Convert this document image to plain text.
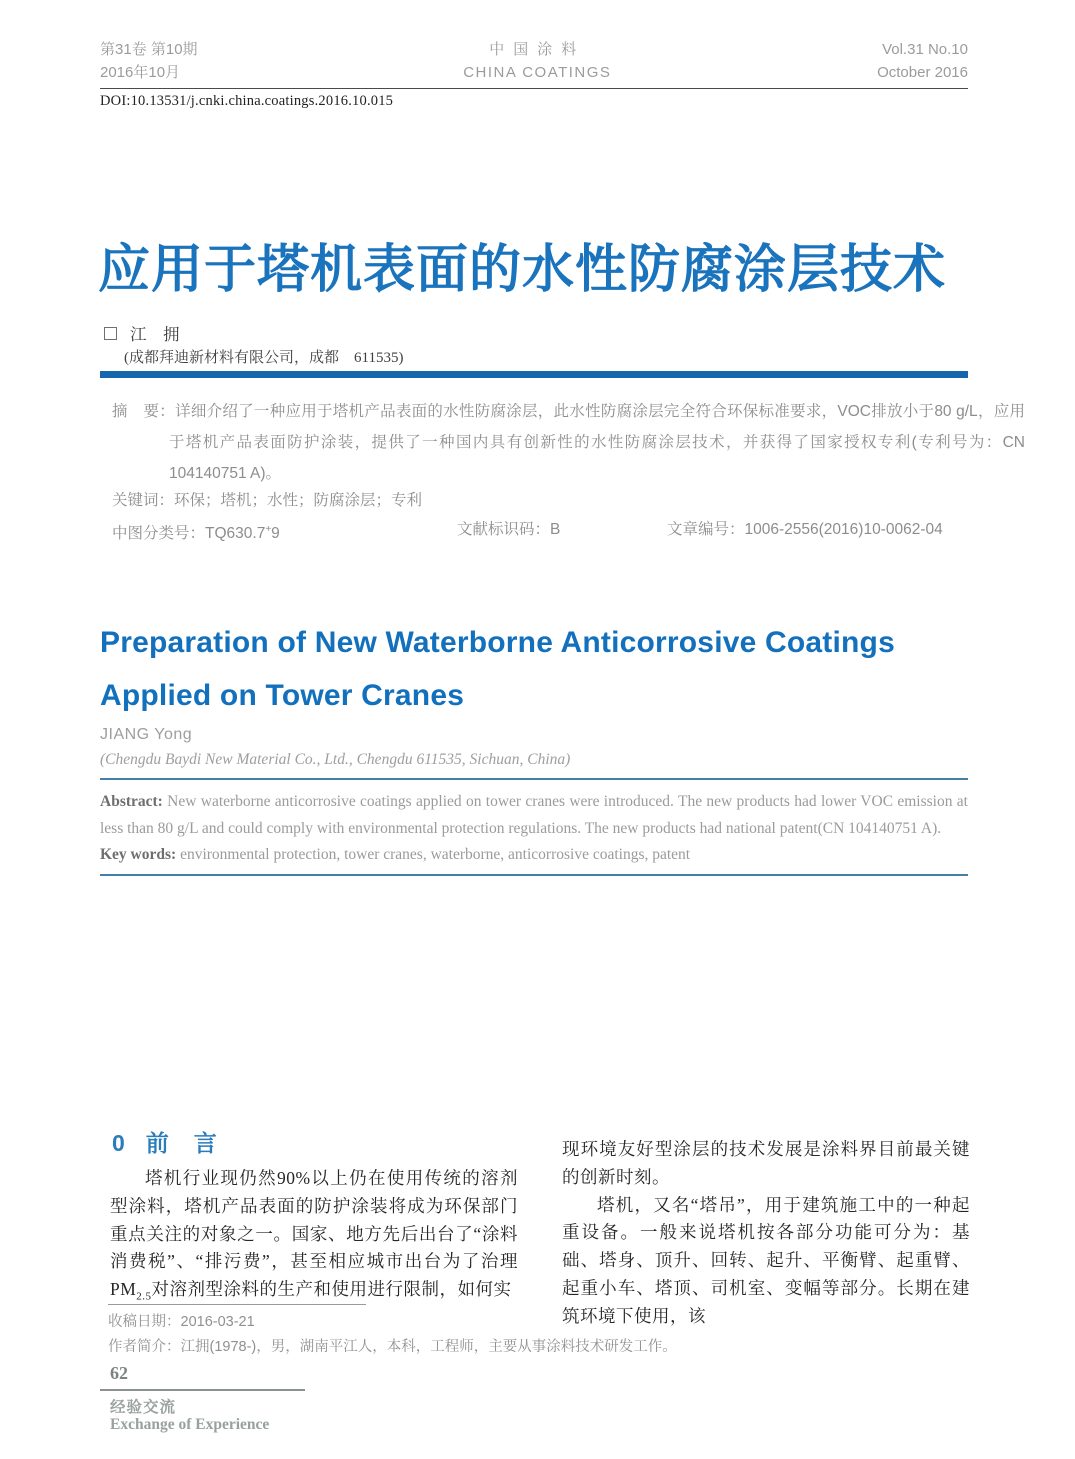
第31卷 第10期
2016年10月
中国涂料
CHINA COATINGS
Vol.31 No.10
October 2016
DOI:10.13531/j.cnki.china.coatings.2016.10.015
应用于塔机表面的水性防腐涂层技术
江　拥
(成都拜迪新材料有限公司，成都　611535)
摘　要：详细介绍了一种应用于塔机产品表面的水性防腐涂层，此水性防腐涂层完全符合环保标准要求，VOC排放小于80 g/L，应用于塔机产品表面防护涂装，提供了一种国内具有创新性的水性防腐涂层技术，并获得了国家授权专利(专利号为：CN 104140751 A)。
关键词：环保；塔机；水性；防腐涂层；专利
中图分类号：TQ630.7+9	文献标识码：B	文章编号：1006-2556(2016)10-0062-04
Preparation of New Waterborne Anticorrosive Coatings
Applied on Tower Cranes
JIANG Yong
(Chengdu Baydi New Material Co., Ltd., Chengdu 611535, Sichuan, China)
Abstract: New waterborne anticorrosive coatings applied on tower cranes were introduced. The new products had lower VOC emission at less than 80 g/L and could comply with environmental protection regulations. The new products had national patent(CN 104140751 A).
Key words: environmental protection, tower cranes, waterborne, anticorrosive coatings, patent
0 前　言

塔机行业现仍然90%以上仍在使用传统的溶剂型涂料，塔机产品表面的防护涂装将成为环保部门重点关注的对象之一。国家、地方先后出台了“涂料消费税”、“排污费”，甚至相应城市出台为了治理$PM_{2.5}$对溶剂型涂料的生产和使用进行限制，如何实

现环境友好型涂层的技术发展是涂料界目前最关键的创新时刻。

塔机，又名“塔吊”，用于建筑施工中的一种起重设备。一般来说塔机按各部分功能可分为：基础、塔身、顶升、回转、起升、平衡臂、起重臂、起重小车、塔顶、司机室、变幅等部分。长期在建筑环境下使用，该

收稿日期：2016-03-21
作者简介：江拥(1978-)，男，湖南平江人，本科，工程师，主要从事涂料技术研发工作。
62
经验交流
Exchange of Experience
